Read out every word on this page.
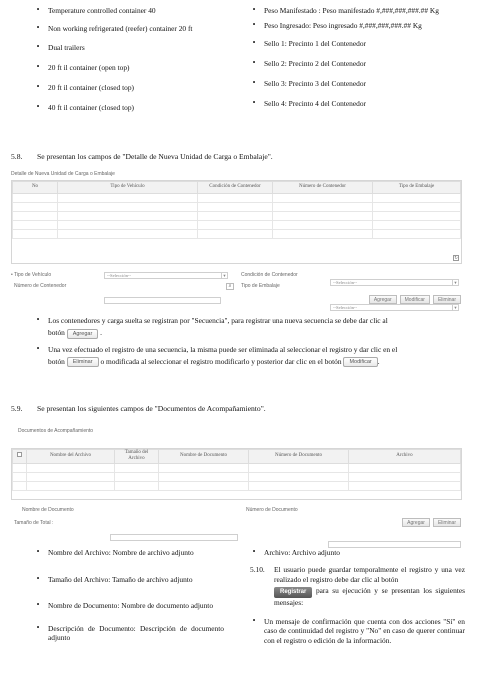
•	Temperature controlled container 40
•	Non working refrigerated (reefer) container 20 ft
•	Dual trailers
•	20 ft il container (open top)
•	20 ft il container (closed top)
•	40 ft il container (closed top)
•	Peso Manifestado : Peso manifestado #,###,###,###.## Kg
•	Peso Ingresado: Peso ingresado #,###,###,###.## Kg
•	Sello 1: Precinto 1 del Contenedor
•	Sello 2: Precinto 2 del Contenedor
•	Sello 3: Precinto 3 del Contenedor
•	Sello 4: Precinto 4 del Contenedor
5.8. Se presentan los campos de "Detalle de Nueva Unidad de Carga o Embalaje".
Detalle de Nueva Unidad de Carga o Embalaje
No	Tipo de Vehículo	Condición de Contenedor	Número de Contenedor	Tipo de Embalaje

↻
• Tipo de Vehículo	--Selección--	▼	Condición de Contenedor
--Selección--	▼
Número de Contenedor	⌕	Tipo de Embalaje
--Selección--	▼
Agregar	Modificar	Eliminar
•	Los contenedores y carga suelta se registran por "Secuencia", para registrar una nueva secuencia se debe dar clic al
botón Agregar .
•	Una vez efectuado el registro de una secuencia, la misma puede ser eliminada al seleccionar el registro y dar clic en el
botón Eliminar o modificada al seleccionar el registro modificarlo y posterior dar clic en el botón Modificar .
5.9. Se presentan los siguientes campos de "Documentos de Acompañamiento".
Documentos de Acompañamiento
	Nombre del Archivo	Tamaño del Archivo	Nombre de Documento	Número de Documento	Archivo

Nombre de Documento	Número de Documento
Tamaño de Total :	Agregar	Eliminar
•	Nombre del Archivo: Nombre de archivo adjunto
•	Tamaño del Archivo: Tamaño de archivo adjunto
•	Nombre de Documento: Nombre de documento adjunto
•	Descripción de Documento: Descripción de documento adjunto
•	Archivo: Archivo adjunto
5.10.	El usuario puede guardar temporalmente el registro y una vez realizado el registro debe dar clic al botón
Registrar para su ejecución y se presentan los siguientes mensajes:
•	Un mensaje de confirmación que cuenta con dos acciones "Sí" en caso de continuidad del registro y "No" en caso de querer continuar con el registro o edición de la información.
